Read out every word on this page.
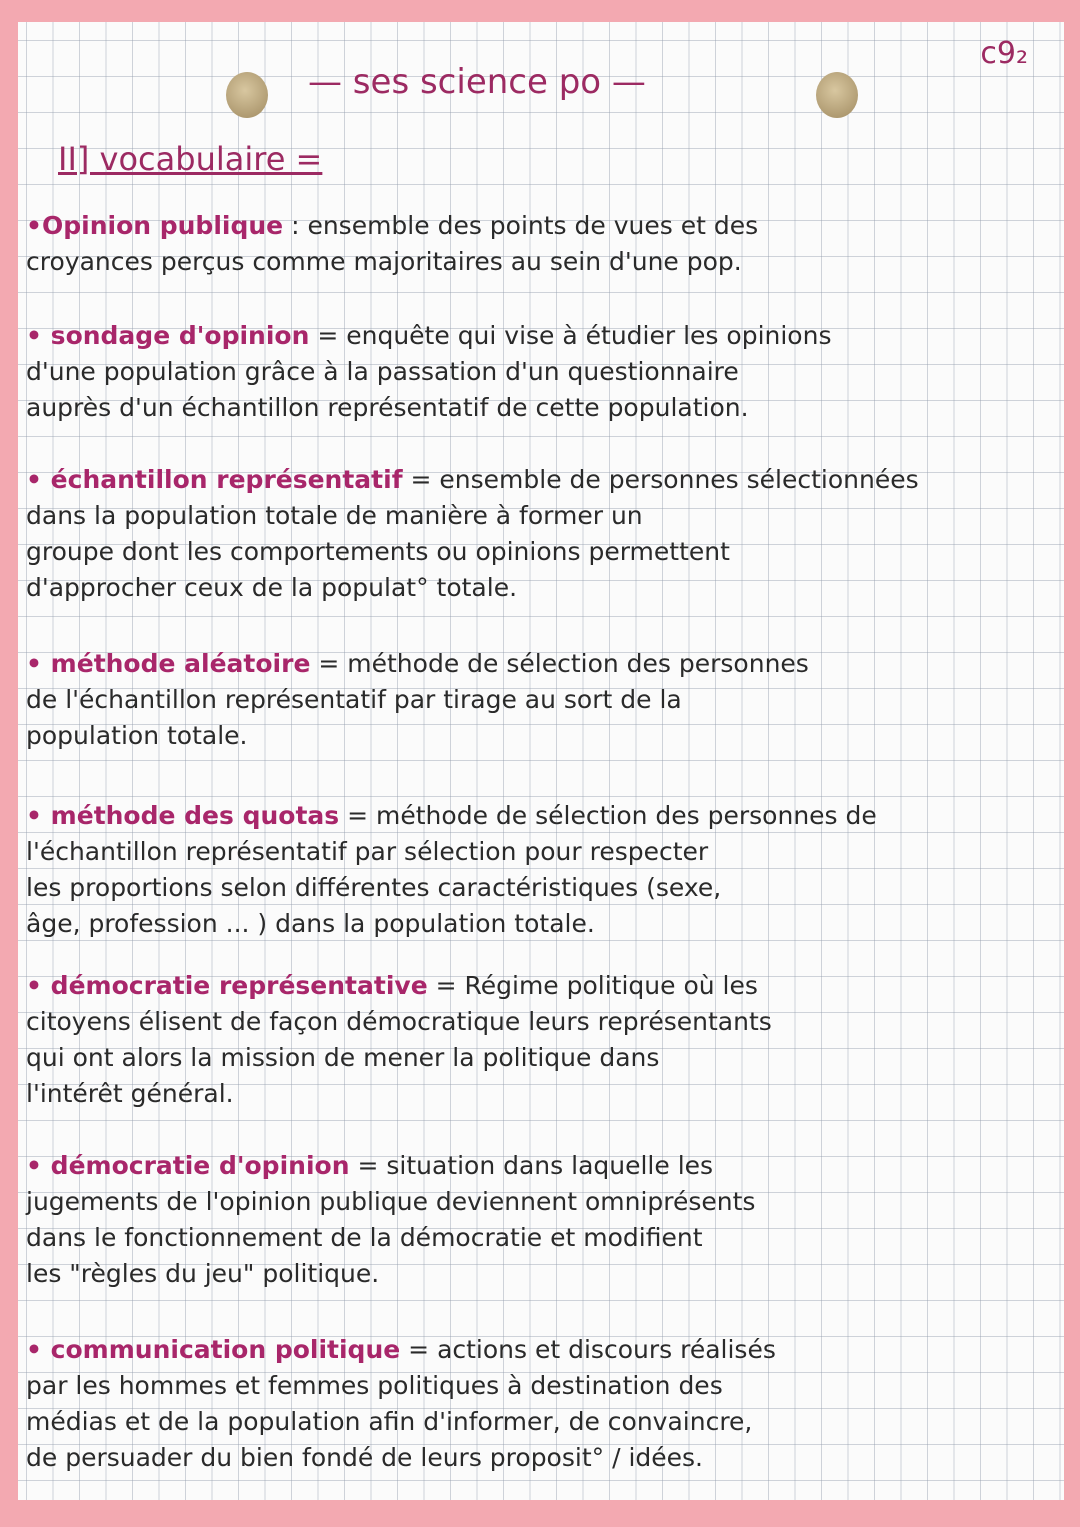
— ses science po —
c9₂
II] vocabulaire =
•Opinion publique : ensemble des points de vues et des
croyances perçus comme majoritaires au sein d'une pop.
• sondage d'opinion = enquête qui vise à étudier les opinions
d'une population grâce à la passation d'un questionnaire
auprès d'un échantillon représentatif de cette population.
• échantillon représentatif = ensemble de personnes sélectionnées
dans la population totale de manière à former un
groupe dont les comportements ou opinions permettent
d'approcher ceux de la populat° totale.
• méthode aléatoire = méthode de sélection des personnes
de l'échantillon représentatif par tirage au sort de la
population totale.
• méthode des quotas = méthode de sélection des personnes de
l'échantillon représentatif par sélection pour respecter
les proportions selon différentes caractéristiques (sexe,
âge, profession ... ) dans la population totale.
• démocratie représentative = Régime politique où les
citoyens élisent de façon démocratique leurs représentants
qui ont alors la mission de mener la politique dans
l'intérêt général.
• démocratie d'opinion = situation dans laquelle les
jugements de l'opinion publique deviennent omniprésents
dans le fonctionnement de la démocratie et modifient
les "règles du jeu" politique.
• communication politique = actions et discours réalisés
par les hommes et femmes politiques à destination des
médias et de la population afin d'informer, de convaincre,
de persuader du bien fondé de leurs proposit° / idées.
